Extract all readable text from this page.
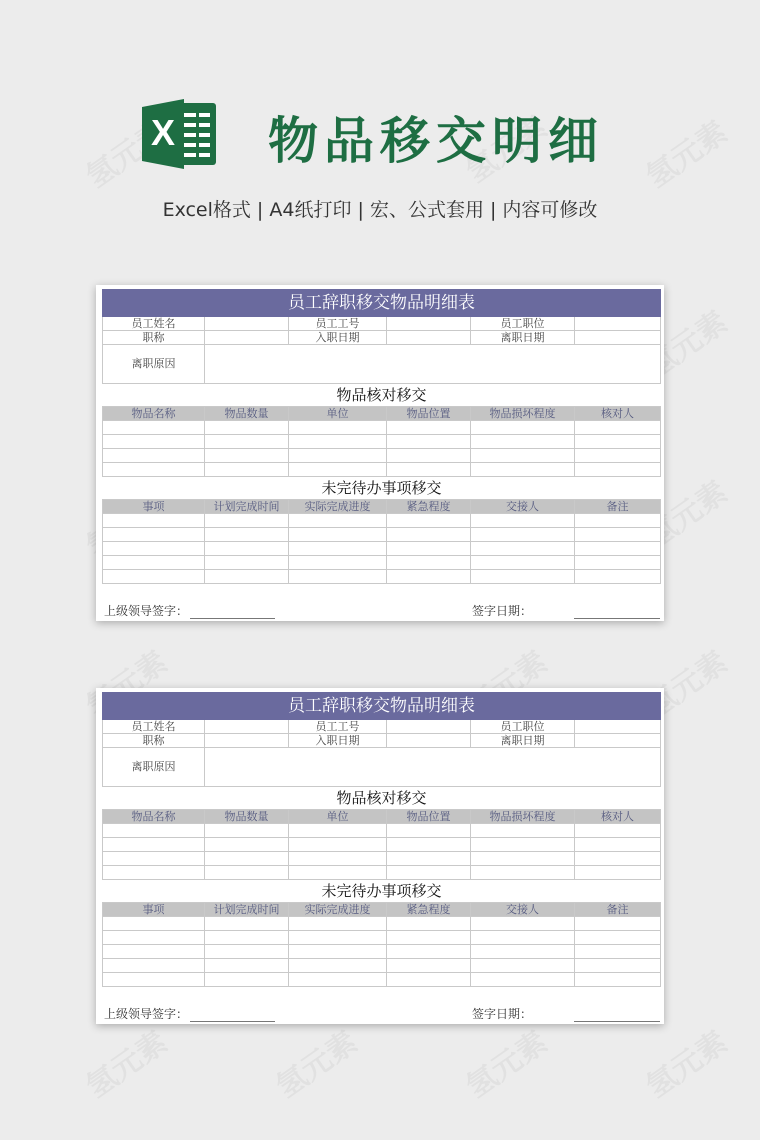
X 物品移交明细
Excel格式 | A4纸打印 | 宏、公式套用 | 内容可修改
员工辞职移交物品明细表					
员工姓名		员工工号		员工职位	
职称		入职日期		离职日期	
离职原因					
物品核对移交					
物品名称	物品数量	单位	物品位置	物品损坏程度	核对人

未完待办事项移交					
事项	计划完成时间	实际完成进度	紧急程度	交接人	备注

上级领导签字：	签字日期：
员工辞职移交物品明细表					
员工姓名		员工工号		员工职位	
职称		入职日期		离职日期	
离职原因					
物品核对移交					
物品名称	物品数量	单位	物品位置	物品损坏程度	核对人

未完待办事项移交					
事项	计划完成时间	实际完成进度	紧急程度	交接人	备注

上级领导签字：	签字日期：
